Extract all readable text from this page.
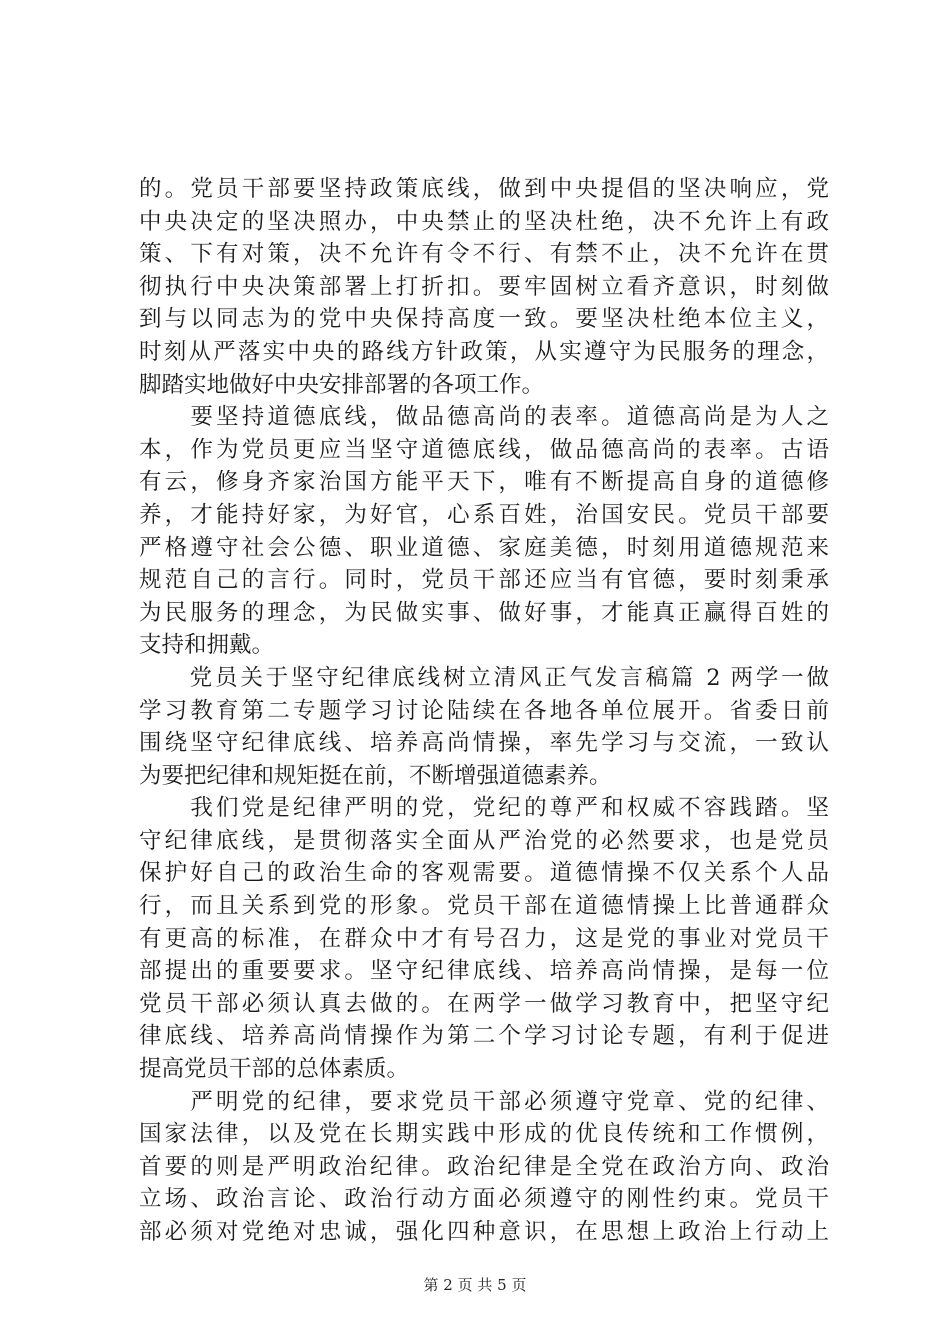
的。党员干部要坚持政策底线，做到中央提倡的坚决响应，党
中央决定的坚决照办，中央禁止的坚决杜绝，决不允许上有政
策、下有对策，决不允许有令不行、有禁不止，决不允许在贯
彻执行中央决策部署上打折扣。要牢固树立看齐意识，时刻做
到与以同志为的党中央保持高度一致。要坚决杜绝本位主义，
时刻从严落实中央的路线方针政策，从实遵守为民服务的理念，
脚踏实地做好中央安排部署的各项工作。
　　要坚持道德底线，做品德高尚的表率。道德高尚是为人之
本，作为党员更应当坚守道德底线，做品德高尚的表率。古语
有云，修身齐家治国方能平天下，唯有不断提高自身的道德修
养，才能持好家，为好官，心系百姓，治国安民。党员干部要
严格遵守社会公德、职业道德、家庭美德，时刻用道德规范来
规范自己的言行。同时，党员干部还应当有官德，要时刻秉承
为民服务的理念，为民做实事、做好事，才能真正赢得百姓的
支持和拥戴。
　　党员关于坚守纪律底线树立清风正气发言稿篇 2 两学一做
学习教育第二专题学习讨论陆续在各地各单位展开。省委日前
围绕坚守纪律底线、培养高尚情操，率先学习与交流，一致认
为要把纪律和规矩挺在前，不断增强道德素养。
　　我们党是纪律严明的党，党纪的尊严和权威不容践踏。坚
守纪律底线，是贯彻落实全面从严治党的必然要求，也是党员
保护好自己的政治生命的客观需要。道德情操不仅关系个人品
行，而且关系到党的形象。党员干部在道德情操上比普通群众
有更高的标准，在群众中才有号召力，这是党的事业对党员干
部提出的重要要求。坚守纪律底线、培养高尚情操，是每一位
党员干部必须认真去做的。在两学一做学习教育中，把坚守纪
律底线、培养高尚情操作为第二个学习讨论专题，有利于促进
提高党员干部的总体素质。
　　严明党的纪律，要求党员干部必须遵守党章、党的纪律、
国家法律，以及党在长期实践中形成的优良传统和工作惯例，
首要的则是严明政治纪律。政治纪律是全党在政治方向、政治
立场、政治言论、政治行动方面必须遵守的刚性约束。党员干
部必须对党绝对忠诚，强化四种意识，在思想上政治上行动上
第 2 页 共 5 页
